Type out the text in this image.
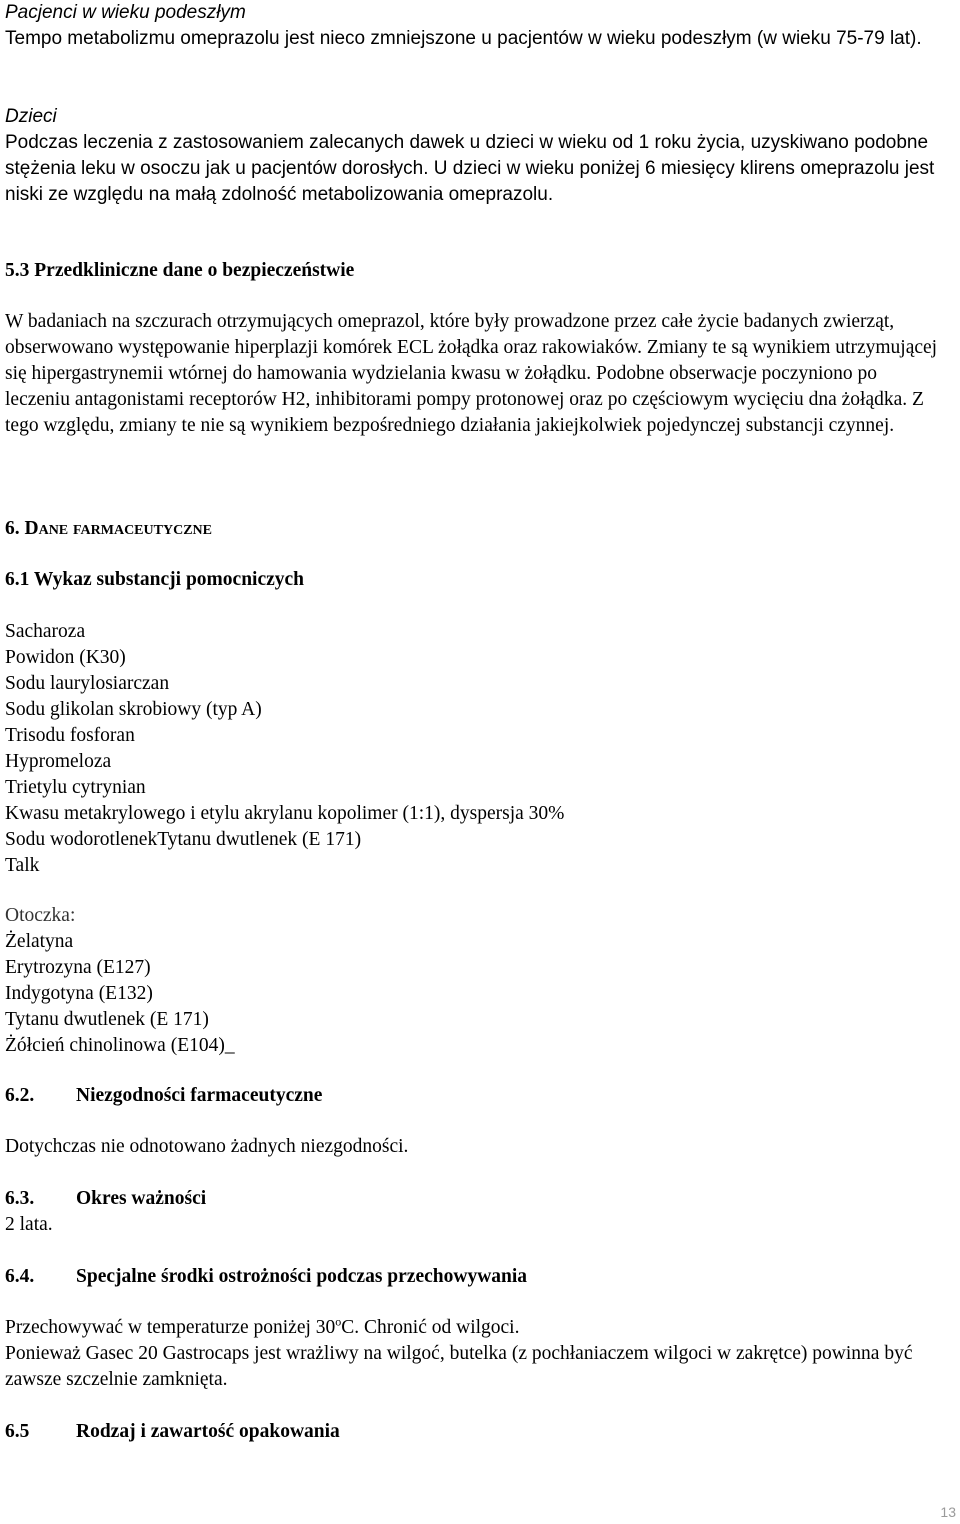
Pacjenci w wieku podeszłym

Tempo metabolizmu omeprazolu jest nieco zmniejszone u pacjentów w wieku podeszłym (w wieku 75-79 lat).

Dzieci

Podczas leczenia z zastosowaniem zalecanych dawek u dzieci w wieku od 1 roku życia, uzyskiwano podobne stężenia leku w osoczu jak u pacjentów dorosłych. U dzieci w wieku poniżej 6 miesięcy klirens omeprazolu jest niski ze względu na małą zdolność metabolizowania omeprazolu.

5.3 Przedkliniczne dane o bezpieczeństwie

W badaniach na szczurach otrzymujących omeprazol, które były prowadzone przez całe życie badanych zwierząt, obserwowano występowanie hiperplazji komórek ECL żołądka oraz rakowiaków. Zmiany te są wynikiem utrzymującej się hipergastrynemii wtórnej do hamowania wydzielania kwasu w żołądku. Podobne obserwacje poczyniono po leczeniu antagonistami receptorów H2, inhibitorami pompy protonowej oraz po częściowym wycięciu dna żołądka. Z tego względu, zmiany te nie są wynikiem bezpośredniego działania jakiejkolwiek pojedynczej substancji czynnej.

6. Dane farmaceutyczne

6.1 Wykaz substancji pomocniczych

Sacharoza
Powidon (K30)
Sodu laurylosiarczan
Sodu glikolan skrobiowy (typ A)
Trisodu fosforan
Hypromeloza
Trietylu cytrynian
Kwasu metakrylowego i etylu akrylanu kopolimer (1:1), dyspersja 30%
Sodu wodorotlenekTytanu dwutlenek (E 171)
Talk

Otoczka:

Żelatyna
Erytrozyna (E127)
Indygotyna (E132)
Tytanu dwutlenek (E 171)
Żółcień chinolinowa (E104)_

6.2. Niezgodności farmaceutyczne

Dotychczas nie odnotowano żadnych niezgodności.

6.3. Okres ważności

2 lata.

6.4. Specjalne środki ostrożności podczas przechowywania

Przechowywać w temperaturze poniżej 30$^o$C. Chronić od wilgoci.

Ponieważ Gasec 20 Gastrocaps jest wrażliwy na wilgoć, butelka (z pochłaniaczem wilgoci w zakrętce) powinna być zawsze szczelnie zamknięta.

6.5 Rodzaj i zawartość opakowania

13
